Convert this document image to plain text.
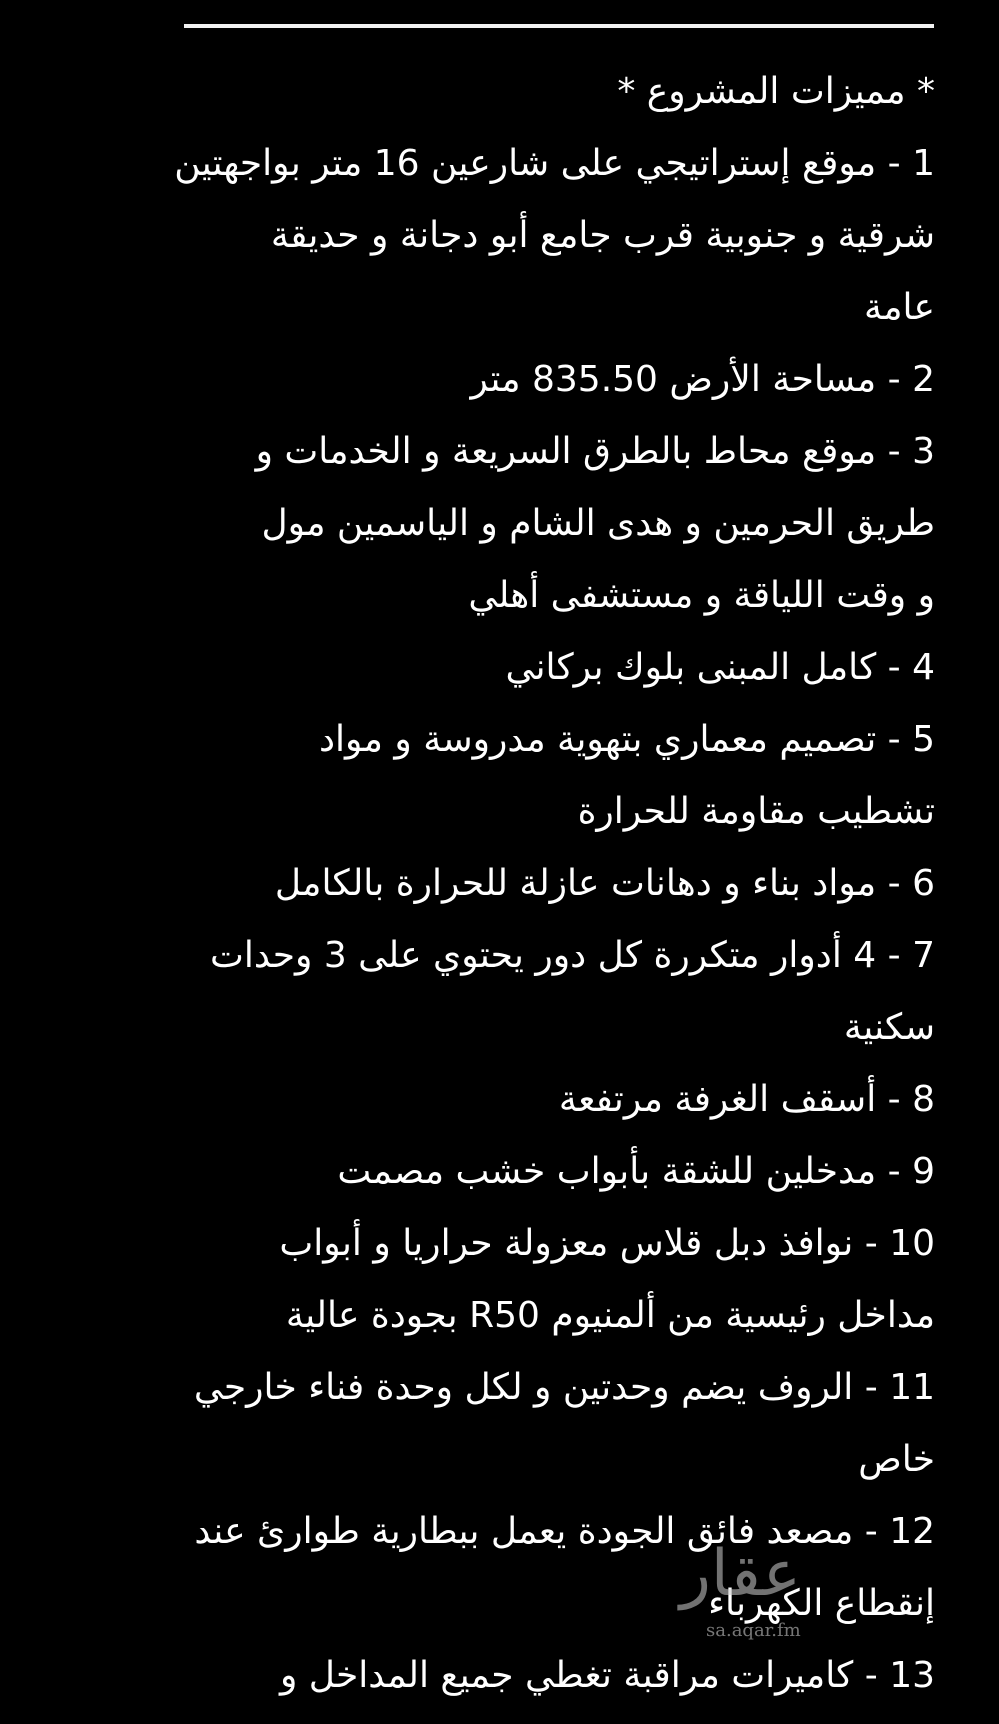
* مميزات المشروع *
1 - موقع إستراتيجي على شارعين 16 متر بواجهتين
شرقية و جنوبية قرب جامع أبو دجانة و حديقة
عامة
2 - مساحة الأرض 835.50 متر
3 - موقع محاط بالطرق السريعة و الخدمات و
طريق الحرمين و هدى الشام و الياسمين مول
و وقت اللياقة و مستشفى أهلي
4 - كامل المبنى بلوك بركاني
5 - تصميم معماري بتهوية مدروسة و مواد
تشطيب مقاومة للحرارة
6 - مواد بناء و دهانات عازلة للحرارة بالكامل
7 - 4 أدوار متكررة كل دور يحتوي على 3 وحدات
سكنية
8 - أسقف الغرفة مرتفعة
9 - مدخلين للشقة بأبواب خشب مصمت
10 - نوافذ دبل قلاس معزولة حراريا و أبواب
مداخل رئيسية من ألمنيوم R50 بجودة عالية
11 - الروف يضم وحدتين و لكل وحدة فناء خارجي
خاص
12 - مصعد فائق الجودة يعمل ببطارية طوارئ عند
إنقطاع الكهرباء
13 - كاميرات مراقبة تغطي جميع المداخل و
عقار
sa.aqar.fm
